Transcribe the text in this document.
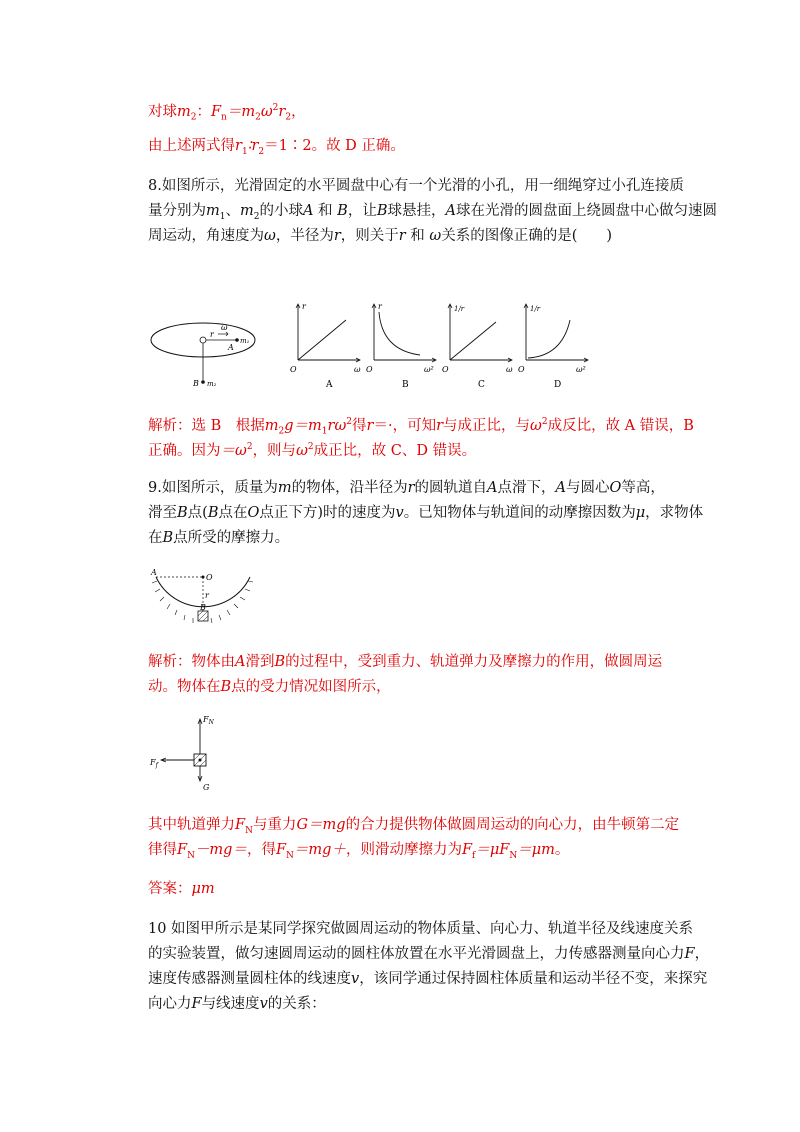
对球$m_2$：$F_n=m_2\omega^2r_2$，
由上述两式得$r_1∶r_2=1∶2$。故 D 正确。
8.如图所示，光滑固定的水平圆盘中心有一个光滑的小孔，用一细绳穿过小孔连接质
量分别为$m_1$、$m_2$的小球A 和 B，让B球悬挂，A球在光滑的圆盘面上绕圆盘中心做匀速圆
周运动，角速度为ω，半径为r，则关于r 和 ω关系的图像正确的是(　　)
r
ω
m₁
A
B m₂
r
ω
O
A
r
ω²
O
B
1/r
ω
O
C
1/r
ω²
O
D
解析：选 B　根据$m_2g=m_1r\omega^2$得r＝·，可知r与成正比，与$\omega^2$成反比，故 A 错误，B
正确。因为$=\omega^2$，则与$\omega^2$成正比，故 C、D 错误。
9.如图所示，质量为m的物体，沿半径为r的圆轨道自A点滑下，A与圆心O等高，
滑至B点(B点在O点正下方)时的速度为v。已知物体与轨道间的动摩擦因数为μ，求物体
在B点所受的摩擦力。
A
O
r
B
解析：物体由A滑到B的过程中，受到重力、轨道弹力及摩擦力的作用，做圆周运
动。物体在B点的受力情况如图所示，
$F_N$
$F_f$
G
其中轨道弹力$F_N$与重力G＝mg的合力提供物体做圆周运动的向心力，由牛顿第二定
律得$F_N-mg=$，得$F_N=mg+$，则滑动摩擦力为$F_f=\mu F_N=\mu m$。
答案：μm
10 如图甲所示是某同学探究做圆周运动的物体质量、向心力、轨道半径及线速度关系
的实验装置，做匀速圆周运动的圆柱体放置在水平光滑圆盘上，力传感器测量向心力F，
速度传感器测量圆柱体的线速度v，该同学通过保持圆柱体质量和运动半径不变，来探究
向心力F与线速度v的关系：
